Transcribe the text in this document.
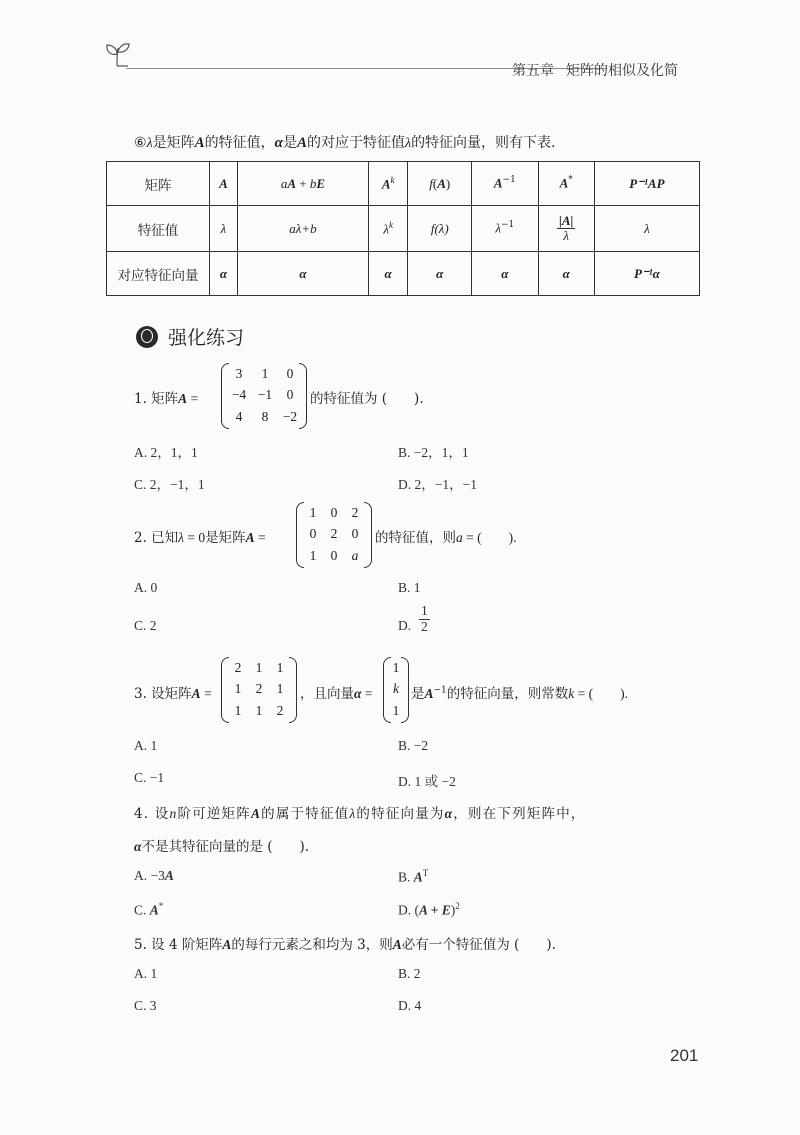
第五章 矩阵的相似及化简
⑥λ是矩阵A的特征值，α是A的对应于特征值λ的特征向量，则有下表.
矩阵	A	aA + bE	$A^k$	f(A)	$A^{-1}$	A*	P⁻¹AP
特征值	λ	aλ+b	$\lambda^k$	f(λ)	$\lambda^{-1}$	$\frac{|A|}{\lambda}$	λ
对应特征向量	α	α	α	α	α	α	P⁻¹α
强化练习
1. 矩阵A =
3	1	0
−4 −1	0
4	8	−2
的特征值为 (　　).
A. 2，1，1	B. −2，1，1
C. 2，−1，1	D. 2，−1，−1
2. 已知λ = 0是矩阵A =
1	0	2
0	2	0
1	0	a
的特征值，则a = (　　).
A. 0	B. 1
C. 2	D. $\frac{1}{2}$
3. 设矩阵A =
2	1	1
1	2	1
1	1	2
，且向量α =
1
k
1
是$A^{-1}$的特征向量，则常数k = (　　).
A. 1	B. −2
C. −1	D. 1 或 −2
4. 设n阶可逆矩阵A的属于特征值λ的特征向量为α，则在下列矩阵中，
α不是其特征向量的是 (　　).
A. −3A	B. $A^T$
C. A*	D. $(A + E)^2$
5. 设 4 阶矩阵A的每行元素之和均为 3，则A必有一个特征值为 (　　).
A. 1	B. 2
C. 3	D. 4
201
